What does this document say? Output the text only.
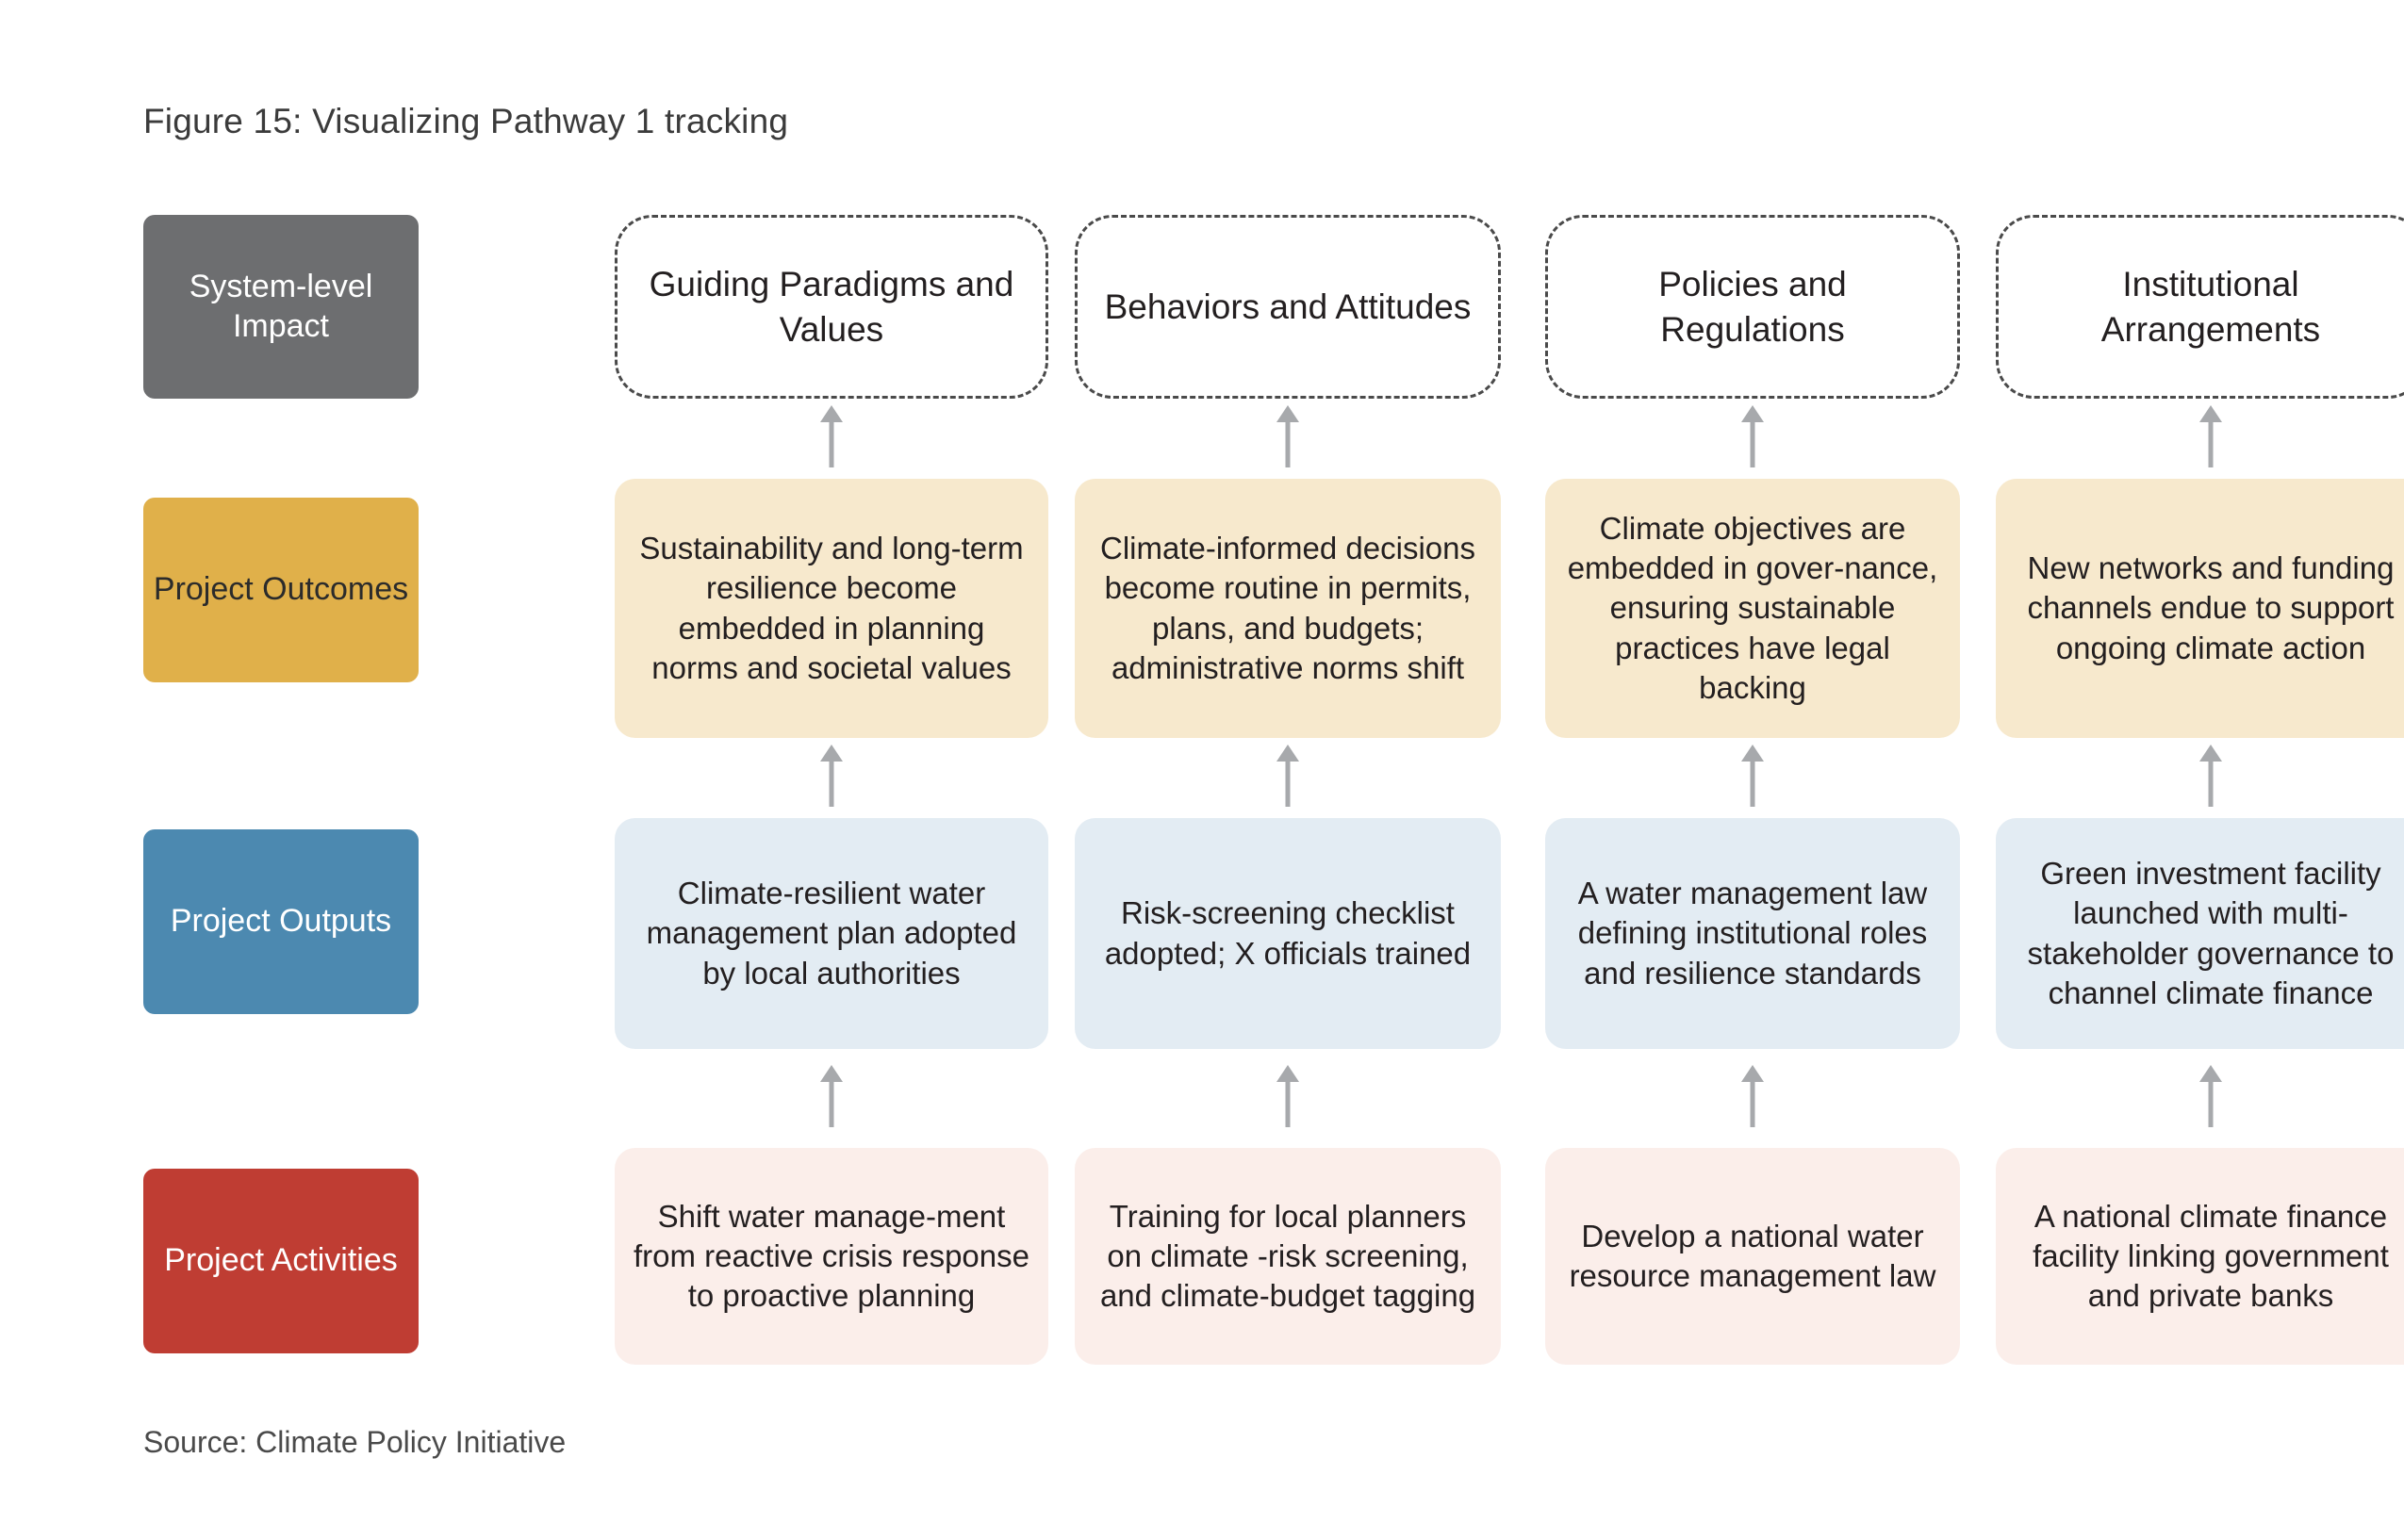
Figure 15: Visualizing Pathway 1 tracking
System-level Impact
Guiding Paradigms and Values
Behaviors and Attitudes
Policies and Regulations
Institutional Arrangements
Project Outcomes
Sustainability and long-term resilience become embedded in planning norms and societal values
Climate-informed decisions become routine in permits, plans, and budgets; administrative norms shift
Climate objectives are embedded in gover-nance, ensuring sustainable practices have legal backing
New networks and funding channels endue to support ongoing climate action
Project Outputs
Climate-resilient water management plan adopted by local authorities
Risk-screening checklist adopted; X officials trained
A water management law defining institutional roles and resilience standards
Green investment facility launched with multi-stakeholder governance to channel climate finance
Project Activities
Shift water manage-ment from reactive crisis response to proactive planning
Training for local planners on climate -risk screening, and climate-budget tagging
Develop a national water resource management law
A national climate finance facility linking government and private banks
Source: Climate Policy Initiative
